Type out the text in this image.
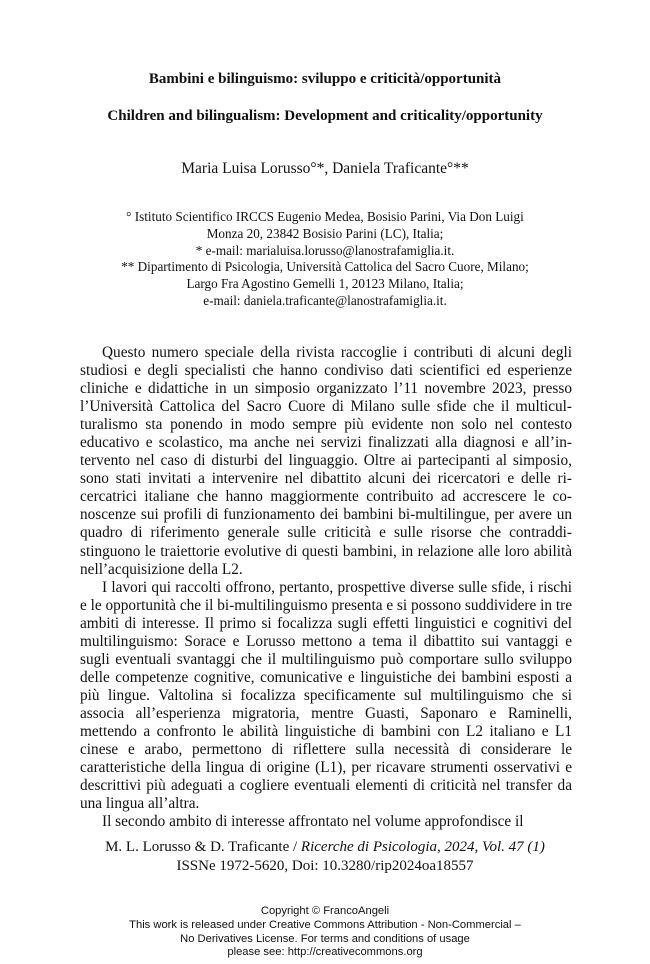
Bambini e bilinguismo: sviluppo e criticità/opportunità
Children and bilingualism: Development and criticality/opportunity
Maria Luisa Lorusso°*, Daniela Traficante°**
° Istituto Scientifico IRCCS Eugenio Medea, Bosisio Parini, Via Don Luigi
Monza 20, 23842 Bosisio Parini (LC), Italia;
* e-mail: marialuisa.lorusso@lanostrafamiglia.it.
** Dipartimento di Psicologia, Università Cattolica del Sacro Cuore, Milano;
Largo Fra Agostino Gemelli 1, 20123 Milano, Italia;
e-mail: daniela.traficante@lanostrafamiglia.it.

Questo numero speciale della rivista raccoglie i contributi di alcuni degli studiosi e degli specialisti che hanno condiviso dati scientifici ed esperienze cliniche e didattiche in un simposio organizzato l’11 novembre 2023, presso l’Università Cattolica del Sacro Cuore di Milano sulle sfide che il multiculturalismo sta ponendo in modo sempre più evidente non solo nel contesto educativo e scolastico, ma anche nei servizi finalizzati alla diagnosi e all’intervento nel caso di disturbi del linguaggio. Oltre ai partecipanti al simposio, sono stati invitati a intervenire nel dibattito alcuni dei ricercatori e delle ricercatrici italiane che hanno maggiormente contribuito ad accrescere le conoscenze sui profili di funzionamento dei bambini bi-multilingue, per avere un quadro di riferimento generale sulle criticità e sulle risorse che contraddistinguono le traiettorie evolutive di questi bambini, in relazione alle loro abilità nell’acquisizione della L2.

I lavori qui raccolti offrono, pertanto, prospettive diverse sulle sfide, i rischi e le opportunità che il bi-multilinguismo presenta e si possono suddividere in tre ambiti di interesse. Il primo si focalizza sugli effetti linguistici e cognitivi del multilinguismo: Sorace e Lorusso mettono a tema il dibattito sui vantaggi e sugli eventuali svantaggi che il multilinguismo può comportare sullo sviluppo delle competenze cognitive, comunicative e linguistiche dei bambini esposti a più lingue. Valtolina si focalizza specificamente sul multilinguismo che si associa all’esperienza migratoria, mentre Guasti, Saponaro e Raminelli, mettendo a confronto le abilità linguistiche di bambini con L2 italiano e L1 cinese e arabo, permettono di riflettere sulla necessità di considerare le caratteristiche della lingua di origine (L1), per ricavare strumenti osservativi e descrittivi più adeguati a cogliere eventuali elementi di criticità nel transfer da una lingua all’altra.

Il secondo ambito di interesse affrontato nel volume approfondisce il

M. L. Lorusso & D. Traficante / Ricerche di Psicologia, 2024, Vol. 47 (1)
ISSNe 1972-5620, Doi: 10.3280/rip2024oa18557
Copyright © FrancoAngeli
This work is released under Creative Commons Attribution - Non-Commercial –
No Derivatives License. For terms and conditions of usage
please see: http://creativecommons.org
